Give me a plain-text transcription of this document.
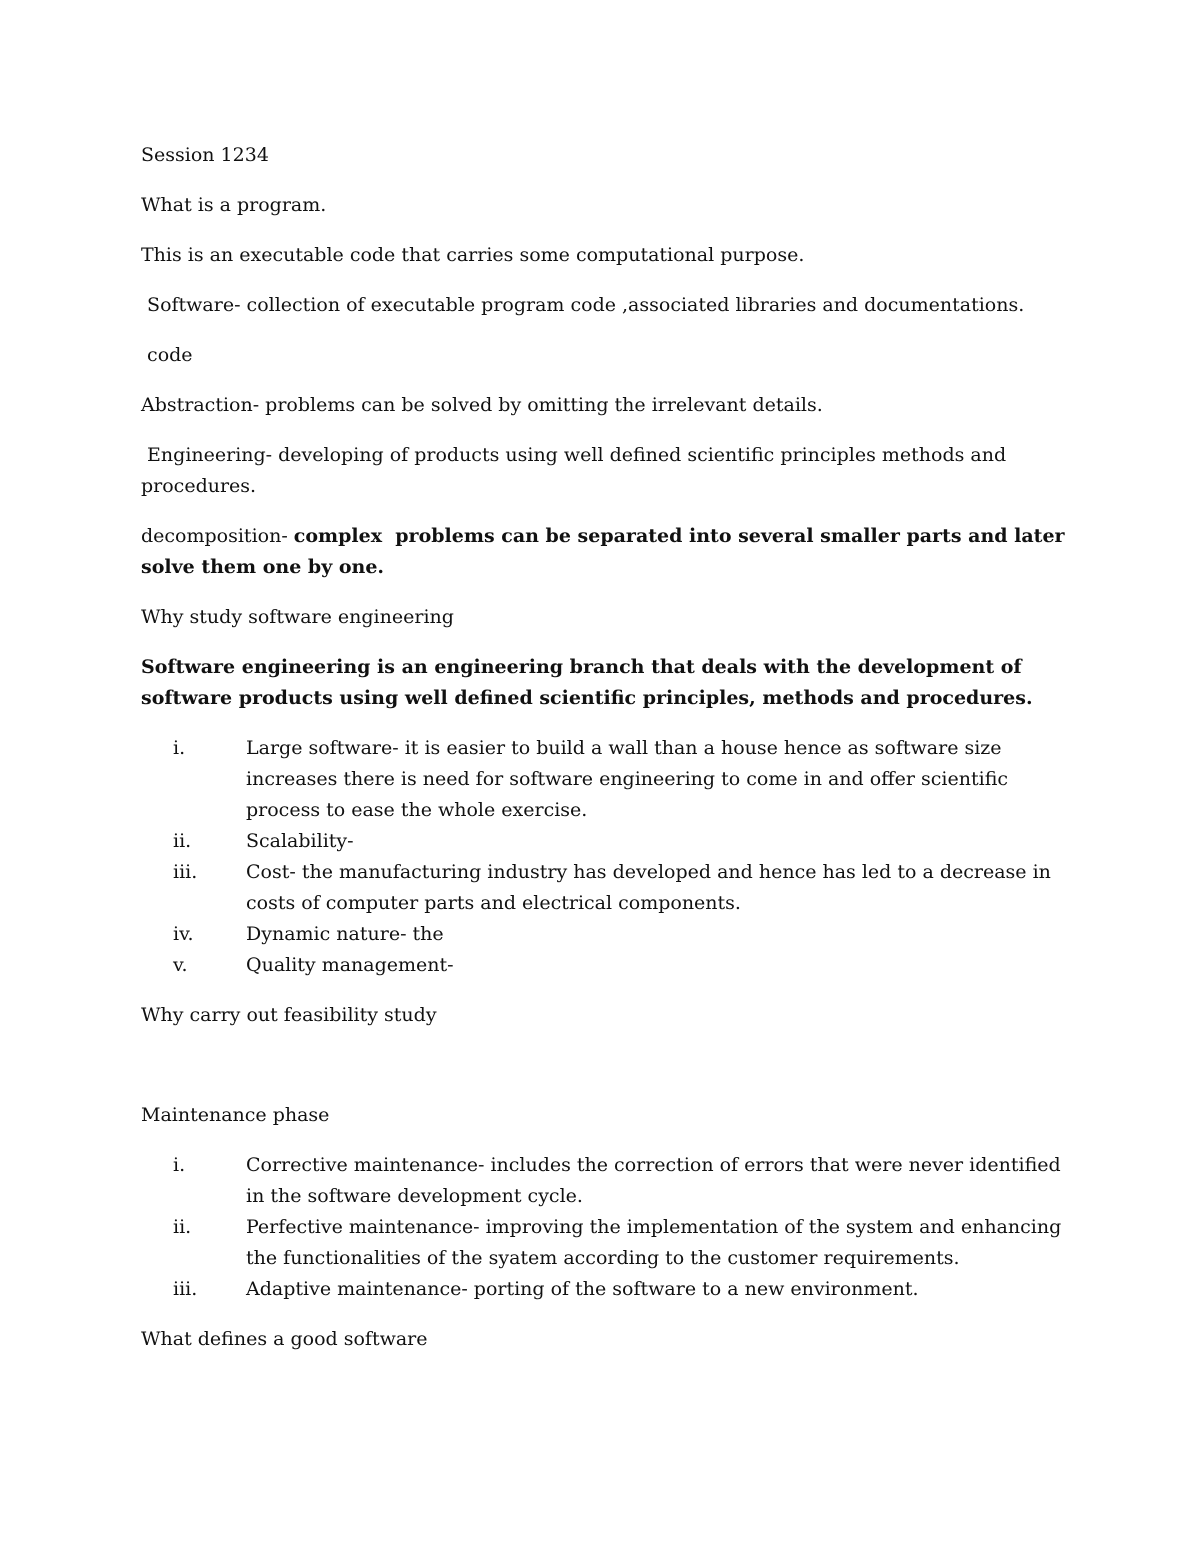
Session 1234

What is a program.

This is an executable code that carries some computational purpose.

Software- collection of executable program code ,associated libraries and documentations.

code

Abstraction- problems can be solved by omitting the irrelevant details.

Engineering- developing of products using well defined scientific principles methods and procedures.

decomposition- complex  problems can be separated into several smaller parts and later solve them one by one.

Why study software engineering

Software engineering is an engineering branch that deals with the development of software products using well defined scientific principles, methods and procedures.

i.	Large software- it is easier to build a wall than a house hence as software size increases there is need for software engineering to come in and offer scientific process to ease the whole exercise.
ii.	Scalability-
iii.	Cost- the manufacturing industry has developed and hence has led to a decrease in costs of computer parts and electrical components.
iv.	Dynamic nature- the
v.	Quality management-

Why carry out feasibility study

Maintenance phase

i.	Corrective maintenance- includes the correction of errors that were never identified in the software development cycle.
ii.	Perfective maintenance- improving the implementation of the system and enhancing the functionalities of the syatem according to the customer requirements.
iii.	Adaptive maintenance- porting of the software to a new environment.

What defines a good software
